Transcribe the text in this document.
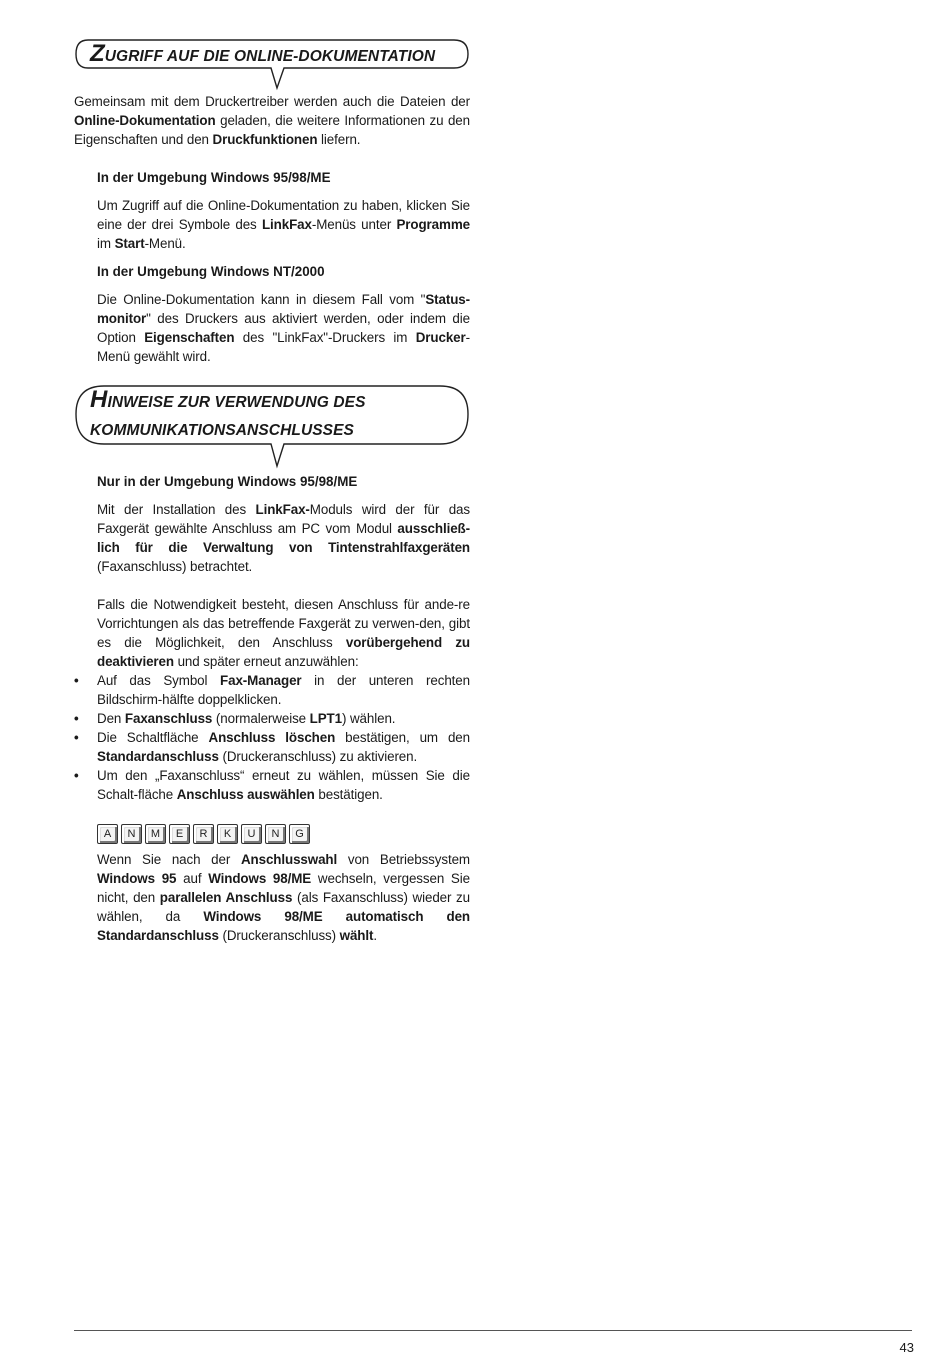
ZUGRIFF AUF DIE ONLINE-DOKUMENTATION

Gemeinsam mit dem Druckertreiber werden auch die Dateien der Online-Dokumentation geladen, die weitere Informationen zu den Eigenschaften und den Druckfunktionen liefern.

In der Umgebung Windows 95/98/ME

Um Zugriff auf die Online-Dokumentation zu haben, klicken Sie eine der drei Symbole des LinkFax-Menüs unter Programme im Start-Menü.

In der Umgebung Windows NT/2000

Die Online-Dokumentation kann in diesem Fall vom "Status-monitor" des Druckers aus aktiviert werden, oder indem die Option Eigenschaften des "LinkFax"-Druckers im Drucker-Menü gewählt wird.

HINWEISE ZUR VERWENDUNG DES
KOMMUNIKATIONSANSCHLUSSES

Nur in der Umgebung Windows 95/98/ME

Mit der Installation des LinkFax-Moduls wird der für das Faxgerät gewählte Anschluss am PC vom Modul ausschließ-lich für die Verwaltung von Tintenstrahlfaxgeräten (Faxanschluss) betrachtet.

Falls die Notwendigkeit besteht, diesen Anschluss für ande-re Vorrichtungen als das betreffende Faxgerät zu verwen-den, gibt es die Möglichkeit, den Anschluss vorübergehend zu deaktivieren und später erneut anzuwählen:

• Auf das Symbol Fax-Manager in der unteren rechten Bildschirm-hälfte doppelklicken.
• Den Faxanschluss (normalerweise LPT1) wählen.
• Die Schaltfläche Anschluss löschen bestätigen, um den Standardanschluss (Druckeranschluss) zu aktivieren.
• Um den „Faxanschluss“ erneut zu wählen, müssen Sie die Schalt-fläche Anschluss auswählen bestätigen.
A	N	M	E	R	K	U	N	G

Wenn Sie nach der Anschlusswahl von Betriebssystem Windows 95 auf Windows 98/ME wechseln, vergessen Sie nicht, den parallelen Anschluss (als Faxanschluss) wieder zu wählen, da Windows 98/ME automatisch den Standardanschluss (Druckeranschluss) wählt.

43
